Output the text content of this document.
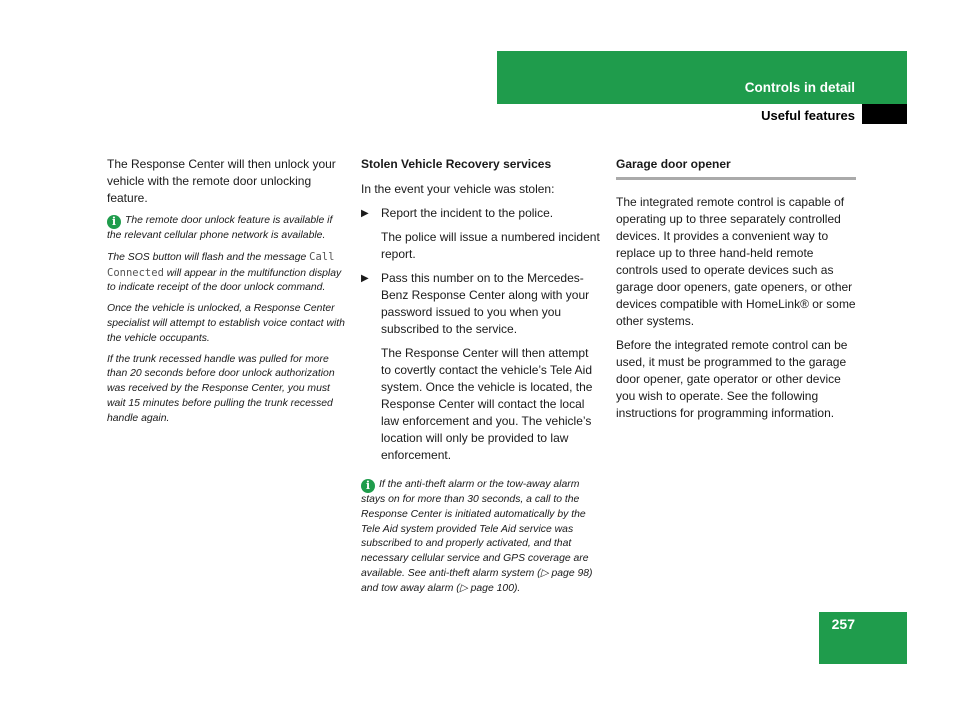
Controls in detail
Useful features

The Response Center will then unlock your vehicle with the remote door unlocking feature.

i The remote door unlock feature is available if the relevant cellular phone network is available.

The SOS button will flash and the message Call Connected will appear in the multifunction display to indicate receipt of the door unlock command.

Once the vehicle is unlocked, a Response Center specialist will attempt to establish voice contact with the vehicle occupants.

If the trunk recessed handle was pulled for more than 20 seconds before door unlock authorization was received by the Response Center, you must wait 15 minutes before pulling the trunk recessed handle again.

Stolen Vehicle Recovery services

In the event your vehicle was stolen:

▶ Report the incident to the police.

The police will issue a numbered incident report.

▶ Pass this number on to the Mercedes-Benz Response Center along with your password issued to you when you subscribed to the service.

The Response Center will then attempt to covertly contact the vehicle’s Tele Aid system. Once the vehicle is located, the Response Center will contact the local law enforcement and you. The vehicle’s location will only be provided to law enforcement.

i If the anti-theft alarm or the tow-away alarm stays on for more than 30 seconds, a call to the Response Center is initiated automatically by the Tele Aid system provided Tele Aid service was subscribed to and properly activated, and that necessary cellular service and GPS coverage are available. See anti-theft alarm system (▷ page 98) and tow away alarm (▷ page 100).

Garage door opener

The integrated remote control is capable of operating up to three separately controlled devices. It provides a convenient way to replace up to three hand-held remote controls used to operate devices such as garage door openers, gate openers, or other devices compatible with HomeLink® or some other systems.

Before the integrated remote control can be used, it must be programmed to the garage door opener, gate operator or other device you wish to operate. See the following instructions for programming information.

257
